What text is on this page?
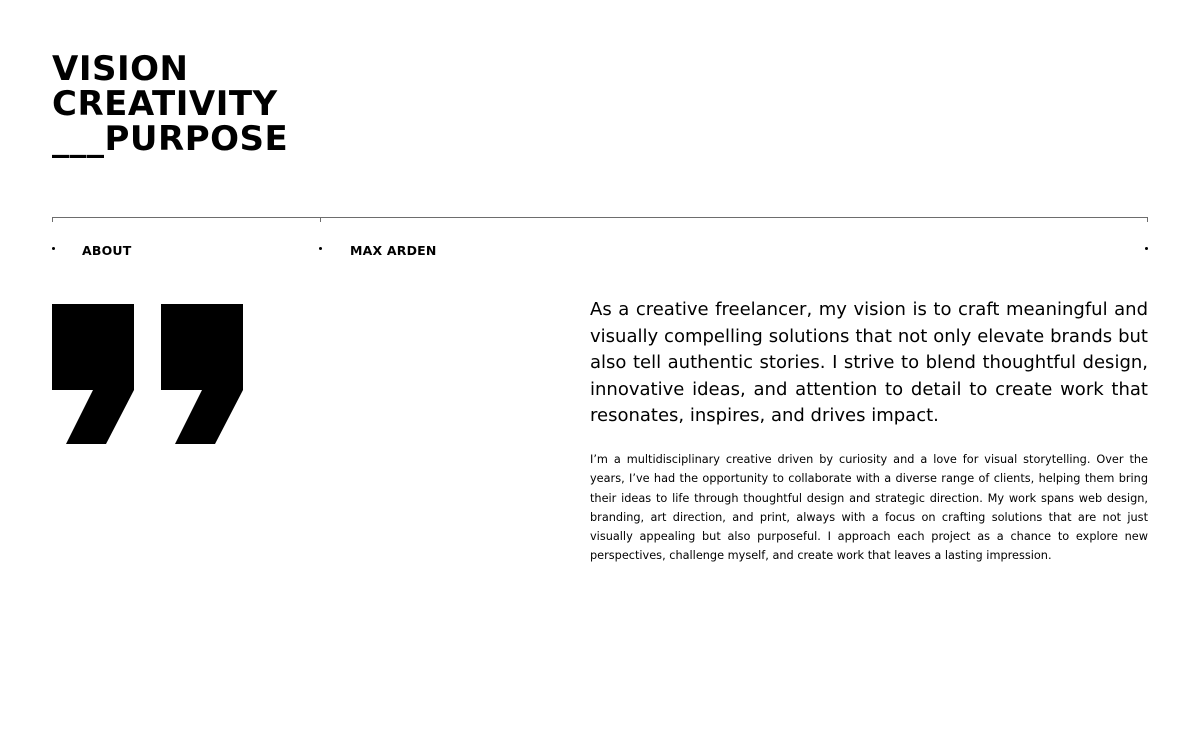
VISION
CREATIVITY
___PURPOSE
ABOUT	MAX ARDEN

As a creative freelancer, my vision is to craft meaningful and visually compelling solutions that not only elevate brands but also tell authentic stories. I strive to blend thoughtful design, innovative ideas, and attention to detail to create work that resonates, inspires, and drives impact.

I’m a multidisciplinary creative driven by curiosity and a love for visual storytelling. Over the years, I’ve had the opportunity to collaborate with a diverse range of clients, helping them bring their ideas to life through thoughtful design and strategic direction. My work spans web design, branding, art direction, and print, always with a focus on crafting solutions that are not just visually appealing but also purposeful. I approach each project as a chance to explore new perspectives, challenge myself, and create work that leaves a lasting impression.
